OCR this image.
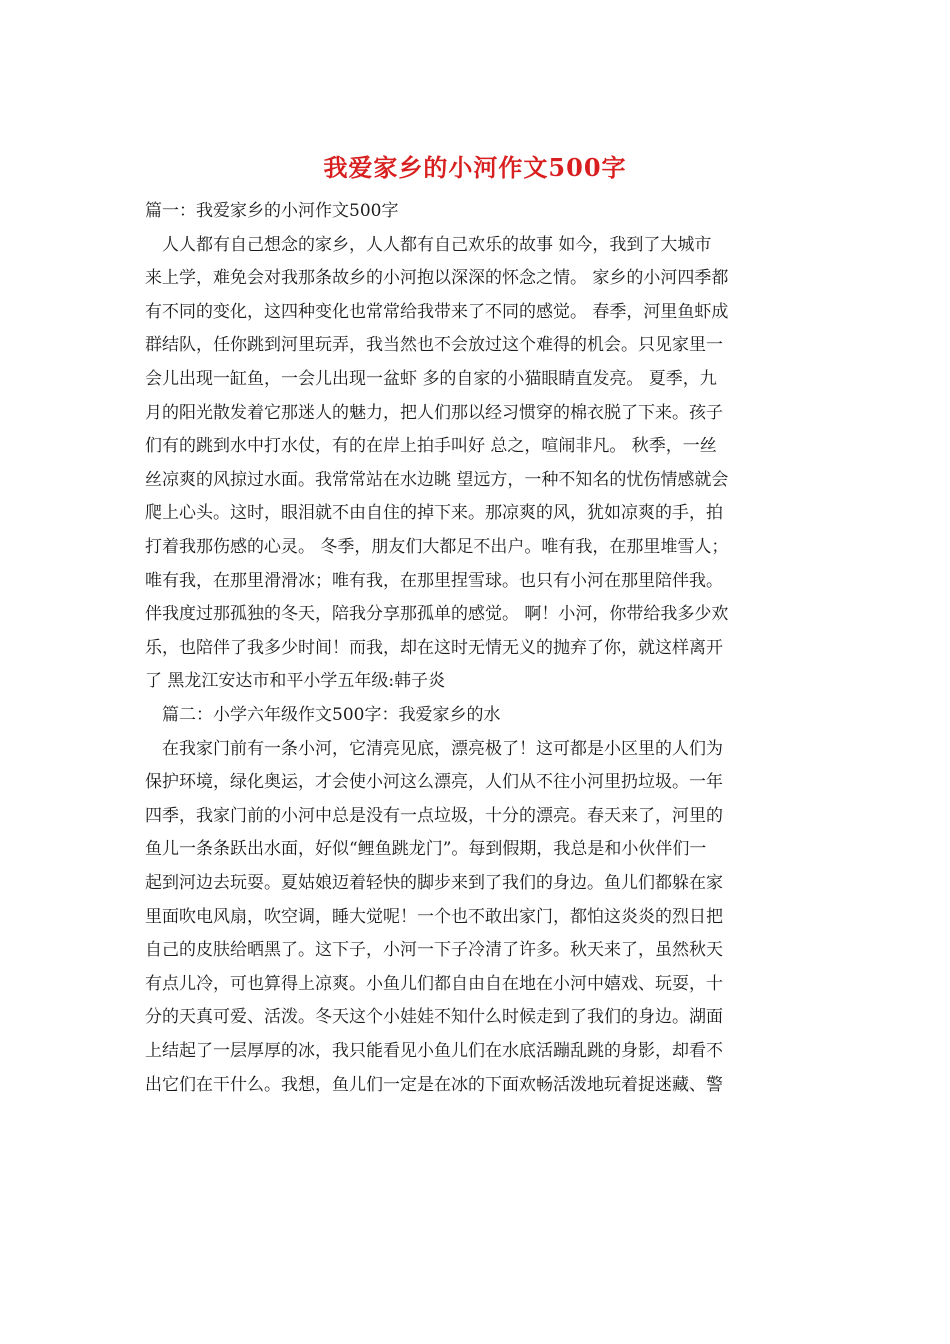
我爱家乡的小河作文500字
篇一：我爱家乡的小河作文500字
　人人都有自己想念的家乡，人人都有自己欢乐的故事 如今，我到了大城市
来上学，难免会对我那条故乡的小河抱以深深的怀念之情。 家乡的小河四季都
有不同的变化，这四种变化也常常给我带来了不同的感觉。 春季，河里鱼虾成
群结队，任你跳到河里玩弄，我当然也不会放过这个难得的机会。只见家里一
会儿出现一缸鱼，一会儿出现一盆虾 多的自家的小猫眼睛直发亮。 夏季，九
月的阳光散发着它那迷人的魅力，把人们那以经习惯穿的棉衣脱了下来。孩子
们有的跳到水中打水仗，有的在岸上拍手叫好 总之，喧闹非凡。 秋季，一丝
丝凉爽的风掠过水面。我常常站在水边眺 望远方，一种不知名的忧伤情感就会
爬上心头。这时，眼泪就不由自住的掉下来。那凉爽的风，犹如凉爽的手，拍
打着我那伤感的心灵。 冬季，朋友们大都足不出户。唯有我，在那里堆雪人；
唯有我，在那里滑滑冰；唯有我，在那里捏雪球。也只有小河在那里陪伴我。
伴我度过那孤独的冬天，陪我分享那孤单的感觉。 啊！小河，你带给我多少欢
乐，也陪伴了我多少时间！而我，却在这时无情无义的抛弃了你，就这样离开
了 黑龙江安达市和平小学五年级:韩子炎
　篇二：小学六年级作文500字：我爱家乡的水
　在我家门前有一条小河，它清亮见底，漂亮极了！这可都是小区里的人们为
保护环境，绿化奥运，才会使小河这么漂亮，人们从不往小河里扔垃圾。一年
四季，我家门前的小河中总是没有一点垃圾，十分的漂亮。春天来了，河里的
鱼儿一条条跃出水面，好似“鲤鱼跳龙门”。每到假期，我总是和小伙伴们一
起到河边去玩耍。夏姑娘迈着轻快的脚步来到了我们的身边。鱼儿们都躲在家
里面吹电风扇，吹空调，睡大觉呢！一个也不敢出家门，都怕这炎炎的烈日把
自己的皮肤给晒黑了。这下子，小河一下子冷清了许多。秋天来了，虽然秋天
有点儿冷，可也算得上凉爽。小鱼儿们都自由自在地在小河中嬉戏、玩耍，十
分的天真可爱、活泼。冬天这个小娃娃不知什么时候走到了我们的身边。湖面
上结起了一层厚厚的冰，我只能看见小鱼儿们在水底活蹦乱跳的身影，却看不
出它们在干什么。我想，鱼儿们一定是在冰的下面欢畅活泼地玩着捉迷藏、警
